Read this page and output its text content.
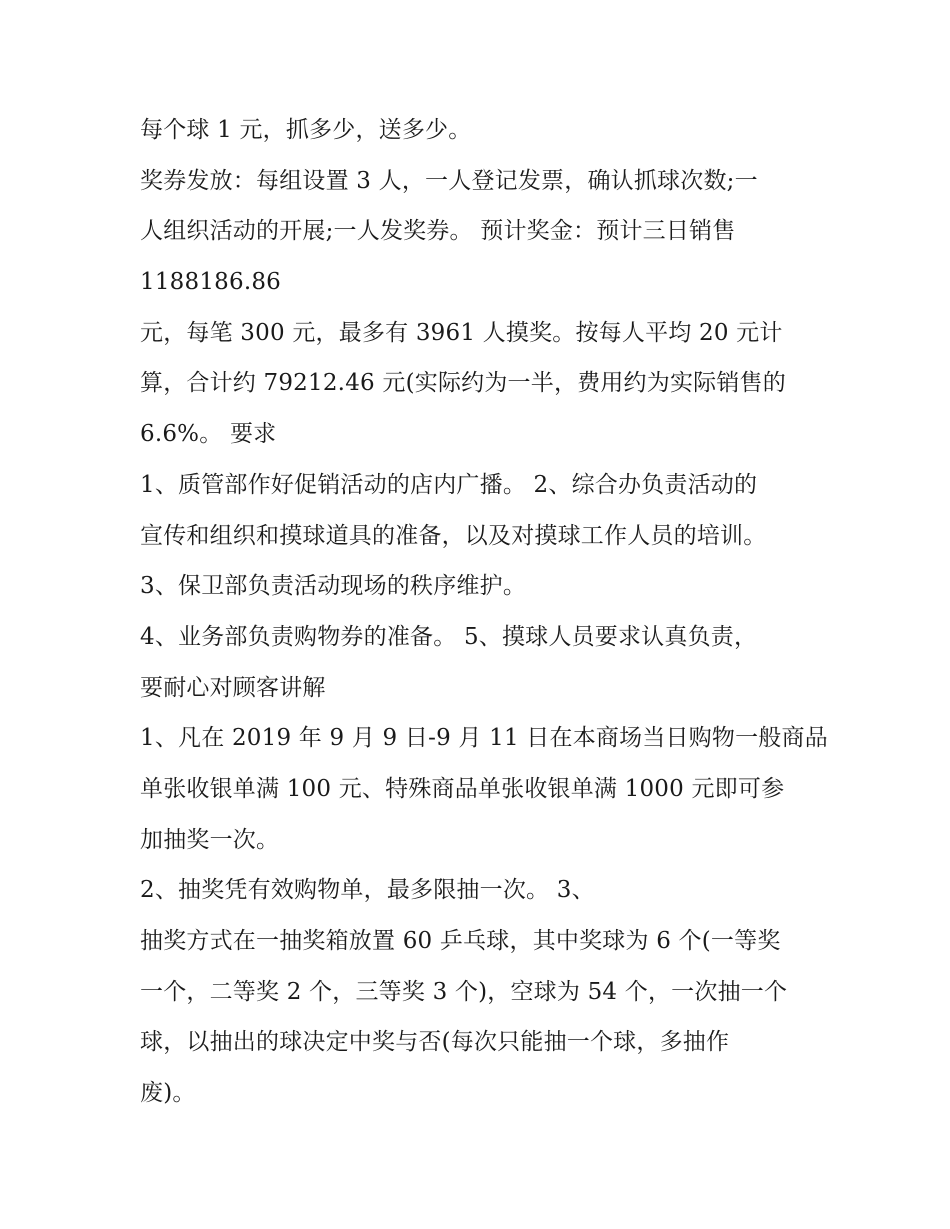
每个球 1 元，抓多少，送多少。
奖券发放：每组设置 3 人，一人登记发票，确认抓球次数;一
人组织活动的开展;一人发奖券。 预计奖金：预计三日销售
1188186.86
元，每笔 300 元，最多有 3961 人摸奖。按每人平均 20 元计
算，合计约 79212.46 元(实际约为一半，费用约为实际销售的
6.6%。 要求
1、质管部作好促销活动的店内广播。 2、综合办负责活动的
宣传和组织和摸球道具的准备，以及对摸球工作人员的培训。
3、保卫部负责活动现场的秩序维护。
4、业务部负责购物券的准备。 5、摸球人员要求认真负责，
要耐心对顾客讲解
1、凡在 2019 年 9 月 9 日-9 月 11 日在本商场当日购物一般商品
单张收银单满 100 元、特殊商品单张收银单满 1000 元即可参
加抽奖一次。
2、抽奖凭有效购物单，最多限抽一次。 3、
抽奖方式在一抽奖箱放置 60 乒乓球，其中奖球为 6 个(一等奖
一个，二等奖 2 个，三等奖 3 个)，空球为 54 个，一次抽一个
球，以抽出的球决定中奖与否(每次只能抽一个球，多抽作
废)。
